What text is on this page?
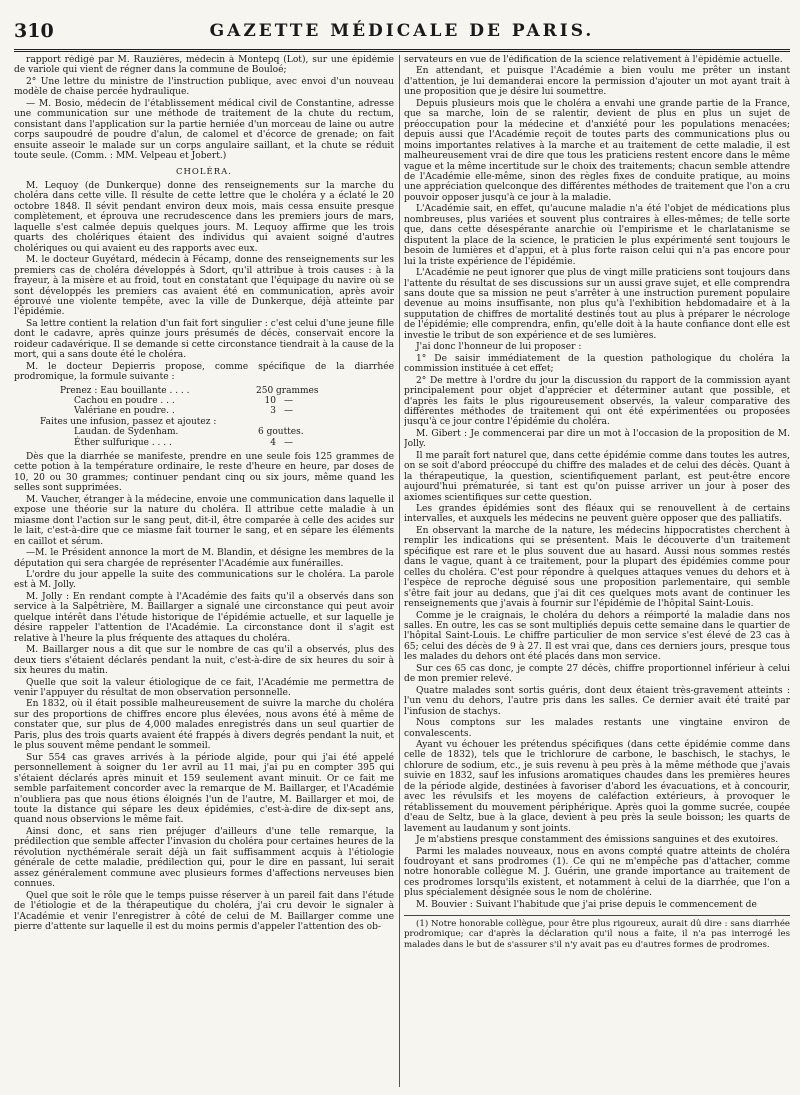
310	GAZETTE MÉDICALE DE PARIS.

rapport rédigé par M. Rauzières, médecin à Montepq (Lot), sur une épidémie de variole qui vient de régner dans la commune de Bouloé;

2° Une lettre du ministre de l'instruction publique, avec envoi d'un nouveau modèle de chaise percée hydraulique.

— M. Bosio, médecin de l'établissement médical civil de Constantine, adresse une communication sur une méthode de traitement de la chute du rectum, consistant dans l'application sur la partie herniée d'un morceau de laine ou autre corps saupoudré de poudre d'alun, de calomel et d'écorce de grenade; on fait ensuite asseoir le malade sur un corps angulaire saillant, et la chute se réduit toute seule. (Comm. : MM. Velpeau et Jobert.)

CHOLÉRA.

M. Lequoy (de Dunkerque) donne des renseignements sur la marche du choléra dans cette ville. Il résulte de cette lettre que le choléra y a éclaté le 20 octobre 1848. Il sévit pendant environ deux mois, mais cessa ensuite presque complètement, et éprouva une recrudescence dans les premiers jours de mars, laquelle s'est calmée depuis quelques jours. M. Lequoy affirme que les trois quarts des cholériques étaient des individus qui avaient soigné d'autres cholériques ou qui avaient eu des rapports avec eux.

M. le docteur Guyétard, médecin à Fécamp, donne des renseignements sur les premiers cas de choléra développés à Sdort, qu'il attribue à trois causes : à la frayeur, à la misère et au froid, tout en constatant que l'équipage du navire où se sont développés les premiers cas avaient été en communication, après avoir éprouvé une violente tempête, avec la ville de Dunkerque, déjà atteinte par l'épidémie.

Sa lettre contient la relation d'un fait fort singulier : c'est celui d'une jeune fille dont le cadavre, après quinze jours présumés de décès, conservait encore la roideur cadavérique. Il se demande si cette circonstance tiendrait à la cause de la mort, qui a sans doute été le choléra.

M. le docteur Depierris propose, comme spécifique de la diarrhée prodromique, la formule suivante :

Prenez : Eau bouillante . . . .	250 grammes
Cachou en poudre . . .	10 —
Valériane en poudre. .	3 —
Faites une infusion, passez et ajoutez :
Laudan. de Sydenham.	6 gouttes.
Éther sulfurique . . . .	4 —

Dès que la diarrhée se manifeste, prendre en une seule fois 125 grammes de cette potion à la température ordinaire, le reste d'heure en heure, par doses de 10, 20 ou 30 grammes; continuer pendant cinq ou six jours, même quand les selles sont supprimées.

M. Vaucher, étranger à la médecine, envoie une communication dans laquelle il expose une théorie sur la nature du choléra. Il attribue cette maladie à un miasme dont l'action sur le sang peut, dit-il, être comparée à celle des acides sur le lait, c'est-à-dire que ce miasme fait tourner le sang, et en sépare les éléments en caillot et sérum.

—M. le Président annonce la mort de M. Blandin, et désigne les membres de la députation qui sera chargée de représenter l'Académie aux funérailles.

L'ordre du jour appelle la suite des communications sur le choléra. La parole est à M. Jolly.

M. Jolly : En rendant compte à l'Académie des faits qu'il a observés dans son service à la Salpêtrière, M. Baillarger a signalé une circonstance qui peut avoir quelque intérêt dans l'étude historique de l'épidémie actuelle, et sur laquelle je désire rappeler l'attention de l'Académie. La circonstance dont il s'agit est relative à l'heure la plus fréquente des attaques du choléra.

M. Baillarger nous a dit que sur le nombre de cas qu'il a observés, plus des deux tiers s'étaient déclarés pendant la nuit, c'est-à-dire de six heures du soir à six heures du matin.

Quelle que soit la valeur étiologique de ce fait, l'Académie me permettra de venir l'appuyer du résultat de mon observation personnelle.

En 1832, où il était possible malheureusement de suivre la marche du choléra sur des proportions de chiffres encore plus élevées, nous avons été à même de constater que, sur plus de 4,000 malades enregistrés dans un seul quartier de Paris, plus des trois quarts avaient été frappés à divers degrés pendant la nuit, et le plus souvent même pendant le sommeil.

Sur 554 cas graves arrivés à la période algide, pour qui j'ai été appelé personnellement à soigner du 1er avril au 11 mai, j'ai pu en compter 395 qui s'étaient déclarés après minuit et 159 seulement avant minuit. Or ce fait me semble parfaitement concorder avec la remarque de M. Baillarger, et l'Académie n'oubliera pas que nous étions éloignés l'un de l'autre, M. Baillarger et moi, de toute la distance qui sépare les deux épidémies, c'est-à-dire de dix-sept ans, quand nous observions le même fait.

Ainsi donc, et sans rien préjuger d'ailleurs d'une telle remarque, la prédilection que semble affecter l'invasion du choléra pour certaines heures de la révolution nycthémérale serait déjà un fait suffisamment acquis à l'étiologie générale de cette maladie, prédilection qui, pour le dire en passant, lui serait assez généralement commune avec plusieurs formes d'affections nerveuses bien connues.

Quel que soit le rôle que le temps puisse réserver à un pareil fait dans l'étude de l'étiologie et de la thérapeutique du choléra, j'ai cru devoir le signaler à l'Académie et venir l'enregistrer à côté de celui de M. Baillarger comme une pierre d'attente sur laquelle il est du moins permis d'appeler l'attention des ob-

servateurs en vue de l'édification de la science relativement à l'épidémie actuelle.

En attendant, et puisque l'Académie a bien voulu me prêter un instant d'attention, je lui demanderai encore la permission d'ajouter un mot ayant trait à une proposition que je désire lui soumettre.

Depuis plusieurs mois que le choléra a envahi une grande partie de la France, que sa marche, loin de se ralentir, devient de plus en plus un sujet de préoccupation pour la médecine et d'anxiété pour les populations menacées; depuis aussi que l'Académie reçoit de toutes parts des communications plus ou moins importantes relatives à la marche et au traitement de cette maladie, il est malheureusement vrai de dire que tous les praticiens restent encore dans le même vague et la même incertitude sur le choix des traitements; chacun semble attendre de l'Académie elle-même, sinon des règles fixes de conduite pratique, au moins une appréciation quelconque des différentes méthodes de traitement que l'on a cru pouvoir opposer jusqu'à ce jour à la maladie.

L'Académie sait, en effet, qu'aucune maladie n'a été l'objet de médications plus nombreuses, plus variées et souvent plus contraires à elles-mêmes; de telle sorte que, dans cette désespérante anarchie où l'empirisme et le charlatanisme se disputent la place de la science, le praticien le plus expérimenté sent toujours le besoin de lumières et d'appui, et à plus forte raison celui qui n'a pas encore pour lui la triste expérience de l'épidémie.

L'Académie ne peut ignorer que plus de vingt mille praticiens sont toujours dans l'attente du résultat de ses discussions sur un aussi grave sujet, et elle comprendra sans doute que sa mission ne peut s'arrêter à une instruction purement populaire devenue au moins insuffisante, non plus qu'à l'exhibition hebdomadaire et à la supputation de chiffres de mortalité destinés tout au plus à préparer le nécrologe de l'épidémie; elle comprendra, enfin, qu'elle doit à la haute confiance dont elle est investie le tribut de son expérience et de ses lumières.

J'ai donc l'honneur de lui proposer :

1° De saisir immédiatement de la question pathologique du choléra la commission instituée à cet effet;

2° De mettre à l'ordre du jour la discussion du rapport de la commission ayant principalement pour objet d'apprécier et déterminer autant que possible, et d'après les faits le plus rigoureusement observés, la valeur comparative des différentes méthodes de traitement qui ont été expérimentées ou proposées jusqu'à ce jour contre l'épidémie du choléra.

M. Gibert : Je commencerai par dire un mot à l'occasion de la proposition de M. Jolly.

Il me paraît fort naturel que, dans cette épidémie comme dans toutes les autres, on se soit d'abord préoccupé du chiffre des malades et de celui des décès. Quant à la thérapeutique, la question, scientifiquement parlant, est peut-être encore aujourd'hui prématurée, si tant est qu'on puisse arriver un jour à poser des axiomes scientifiques sur cette question.

Les grandes épidémies sont des fléaux qui se renouvellent à de certains intervalles, et auxquels les médecins ne peuvent guère opposer que des palliatifs.

En observant la marche de la nature, les médecins hippocratistes cherchent à remplir les indications qui se présentent. Mais le découverte d'un traitement spécifique est rare et le plus souvent due au hasard. Aussi nous sommes restés dans le vague, quant à ce traitement, pour la plupart des épidémies comme pour celles du choléra. C'est pour répondre à quelques attaques venues du dehors et à l'espèce de reproche déguisé sous une proposition parlementaire, qui semble s'être fait jour au dedans, que j'ai dit ces quelques mots avant de continuer les renseignements que j'avais à fournir sur l'épidémie de l'hôpital Saint-Louis.

Comme je le craignais, le choléra du dehors a réimporté la maladie dans nos salles. En outre, les cas se sont multipliés depuis cette semaine dans le quartier de l'hôpital Saint-Louis. Le chiffre particulier de mon service s'est élevé de 23 cas à 65; celui des décès de 9 à 27. Il est vrai que, dans ces derniers jours, presque tous les malades du dehors ont été placés dans mon service.

Sur ces 65 cas donc, je compte 27 décès, chiffre proportionnel inférieur à celui de mon premier relevé.

Quatre malades sont sortis guéris, dont deux étaient très-gravement atteints : l'un venu du dehors, l'autre pris dans les salles. Ce dernier avait été traité par l'infusion de stachys.

Nous comptons sur les malades restants une vingtaine environ de convalescents.

Ayant vu échouer les prétendus spécifiques (dans cette épidémie comme dans celle de 1832), tels que le trichlorure de carbone, le baschisch, le stachys, le chlorure de sodium, etc., je suis revenu à peu près à la même méthode que j'avais suivie en 1832, sauf les infusions aromatiques chaudes dans les premières heures de la période algide, destinées à favoriser d'abord les évacuations, et à concourir, avec les révulsifs et les moyens de caléfaction extérieurs, à provoquer le rétablissement du mouvement périphérique. Après quoi la gomme sucrée, coupée d'eau de Seltz, bue à la glace, devient à peu près la seule boisson; les quarts de lavement au laudanum y sont joints.

Je m'abstiens presque constamment des émissions sanguines et des exutoires.

Parmi les malades nouveaux, nous en avons compté quatre atteints de choléra foudroyant et sans prodromes (1). Ce qui ne m'empêche pas d'attacher, comme notre honorable collègue M. J. Guérin, une grande importance au traitement de ces prodromes lorsqu'ils existent, et notamment à celui de la diarrhée, que l'on a plus spécialement désignée sous le nom de cholérine.

M. Bouvier : Suivant l'habitude que j'ai prise depuis le commencement de

(1) Notre honorable collègue, pour être plus rigoureux, aurait dû dire : sans diarrhée prodromique; car d'après la déclaration qu'il nous a faite, il n'a pas interrogé les malades dans le but de s'assurer s'il n'y avait pas eu d'autres formes de prodromes.
